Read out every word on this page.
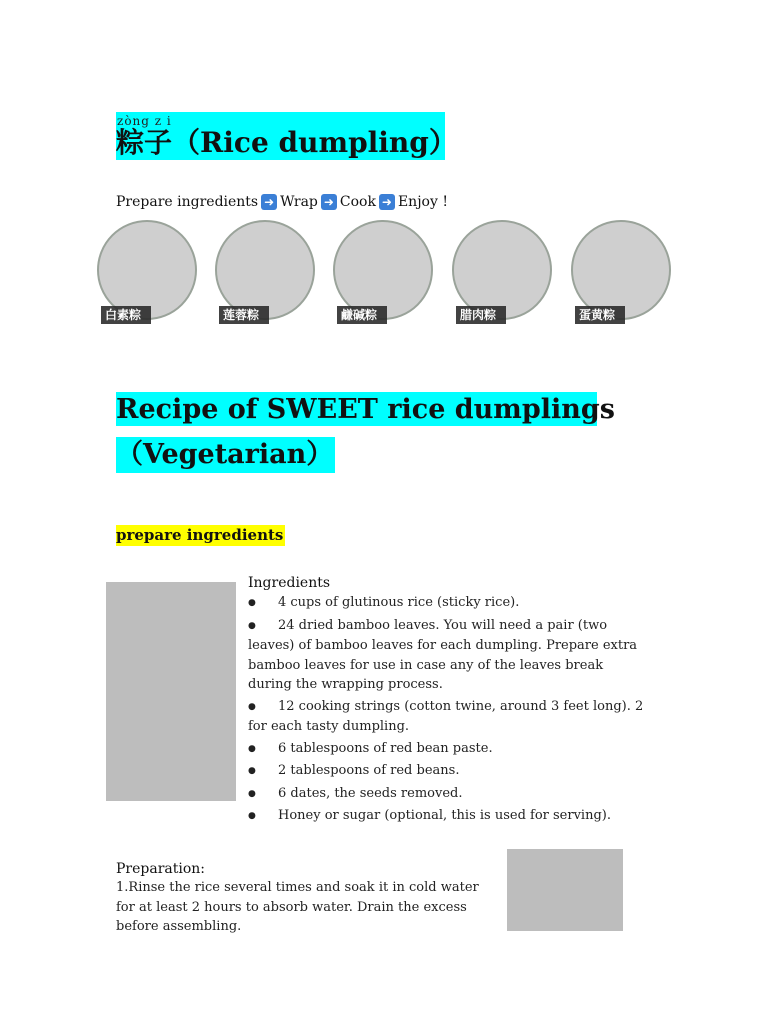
zòng z i
粽子（Rice dumpling）
Prepare ingredients ➜ Wrap ➜ Cook ➜ Enjoy !
白素粽	莲蓉粽	鹻碱粽	腊肉粽	蛋黄粽
Recipe of SWEET rice dumplings
（Vegetarian）
prepare ingredients
Ingredients

● 4 cups of glutinous rice (sticky rice).

● 24 dried bamboo leaves. You will need a pair (two leaves) of bamboo leaves for each dumpling. Prepare extra bamboo leaves for use in case any of the leaves break during the wrapping process.

● 12 cooking strings (cotton twine, around 3 feet long). 2 for each tasty dumpling.

● 6 tablespoons of red bean paste.

● 2 tablespoons of red beans.

● 6 dates, the seeds removed.

● Honey or sugar (optional, this is used for serving).

Preparation:
1.Rinse the rice several times and soak it in cold water for at least 2 hours to absorb water. Drain the excess before assembling.
